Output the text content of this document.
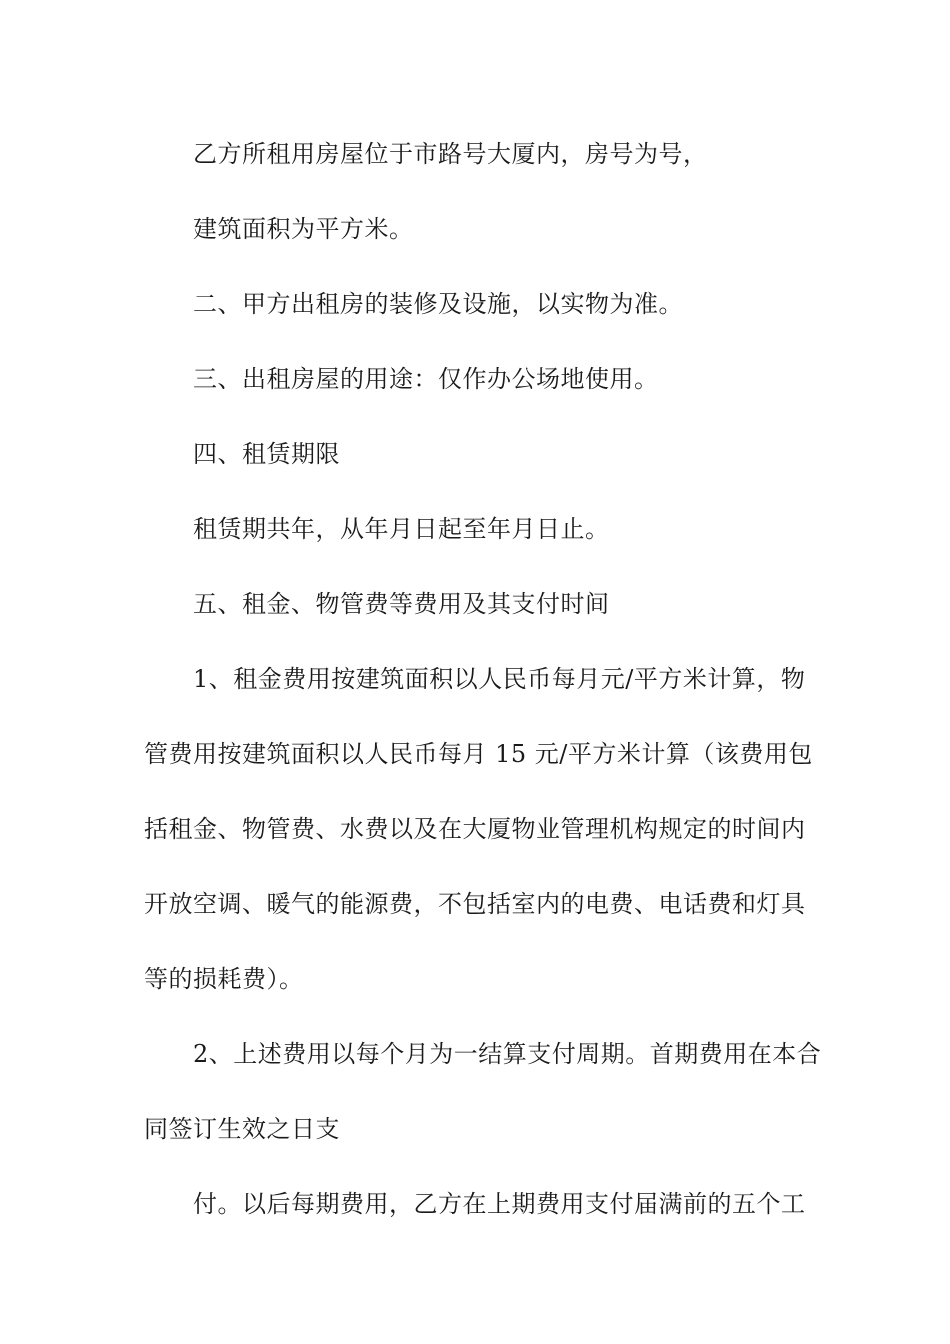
乙方所租用房屋位于市路号大厦内，房号为号，
建筑面积为平方米。
二、甲方出租房的装修及设施，以实物为准。
三、出租房屋的用途：仅作办公场地使用。
四、租赁期限
租赁期共年，从年月日起至年月日止。
五、租金、物管费等费用及其支付时间
1、租金费用按建筑面积以人民币每月元/平方米计算，物
管费用按建筑面积以人民币每月 15 元/平方米计算（该费用包
括租金、物管费、水费以及在大厦物业管理机构规定的时间内
开放空调、暖气的能源费，不包括室内的电费、电话费和灯具
等的损耗费）。
2、上述费用以每个月为一结算支付周期。首期费用在本合
同签订生效之日支
付。以后每期费用，乙方在上期费用支付届满前的五个工
